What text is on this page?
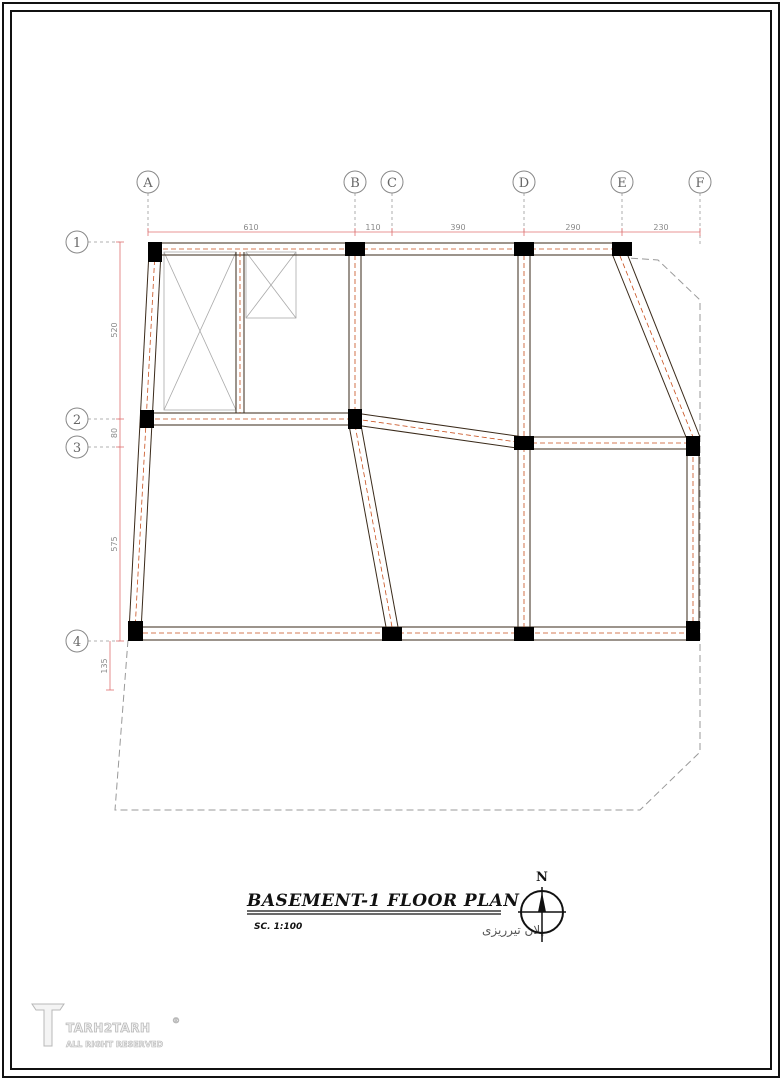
A	B C	D	E	F
1
2
3
4
610	110	390	290	230
520
80
575
135
BASEMENT-1 FLOOR PLAN
SC. 1:100	پلان تیرریزی
N
TARH2TARH
®
ALL RIGHT RESERVED
